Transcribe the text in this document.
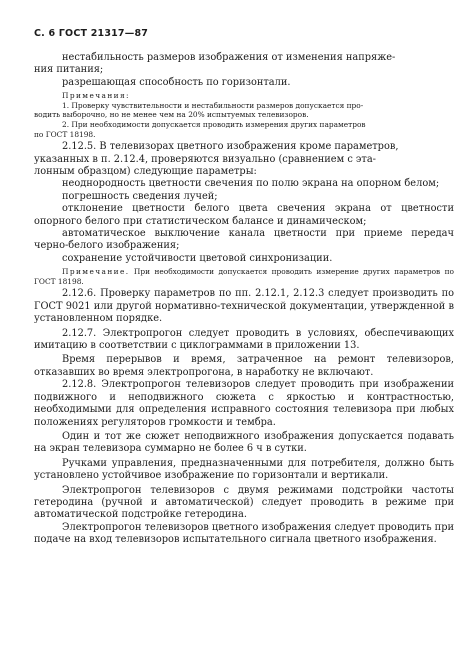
С. 6 ГОСТ 21317—87

нестабильность размеров изображения от изменения напряже-

ния питания;

разрешающая способность по горизонтали.

Примечания:

1. Проверку чувствительности и нестабильности размеров допускается про-

водить выборочно, но не менее чем на 20% испытуемых телевизоров.

2. При необходимости допускается проводить измерения других параметров

по ГОСТ 18198.

2.12.5. В телевизорах цветного изображения кроме параметров,

указанных в п. 2.12.4, проверяются визуально (сравнением с эта-

лонным образцом) следующие параметры:

неоднородность цветности свечения по полю экрана на опорном белом;

погрешность сведения лучей;

отклонение цветности белого цвета свечения экрана от цветности опорного белого при статистическом балансе и динамическом;

автоматическое выключение канала цветности при приеме передач черно-белого изображения;

сохранение устойчивости цветовой синхронизации.

Примечание. При необходимости допускается проводить измерение других параметров по ГОСТ 18198.

2.12.6. Проверку параметров по пп. 2.12.1, 2.12.3 следует производить по ГОСТ 9021 или другой нормативно-технической документации, утвержденной в установленном порядке.

2.12.7. Электропрогон следует проводить в условиях, обеспечивающих имитацию в соответствии с циклограммами в приложении 13.

Время перерывов и время, затраченное на ремонт телевизоров, отказавших во время электропрогона, в наработку не включают.

2.12.8. Электропрогон телевизоров следует проводить при изображении подвижного и неподвижного сюжета с яркостью и контрастностью, необходимыми для определения исправного состояния телевизора при любых положениях регуляторов громкости и тембра.

Один и тот же сюжет неподвижного изображения допускается подавать на экран телевизора суммарно не более 6 ч в сутки.

Ручками управления, предназначенными для потребителя, должно быть установлено устойчивое изображение по горизонтали и вертикали.

Электропрогон телевизоров с двумя режимами подстройки частоты гетеродина (ручной и автоматической) следует проводить в режиме при автоматической подстройке гетеродина.

Электропрогон телевизоров цветного изображения следует проводить при подаче на вход телевизоров испытательного сигнала цветного изображения.
